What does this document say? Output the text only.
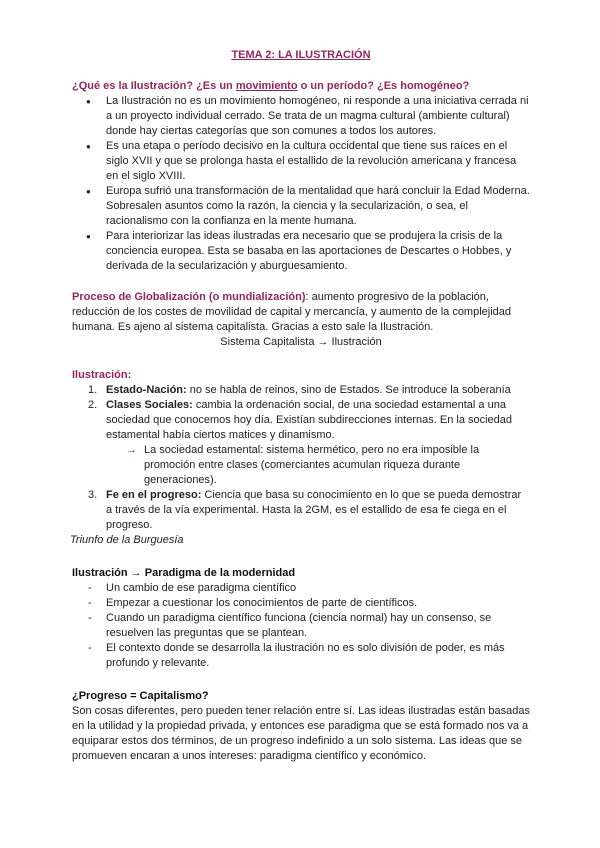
TEMA 2: LA ILUSTRACIÓN

¿Qué es la Ilustración? ¿Es un movimiento o un período? ¿Es homogéneo?

● La Ilustración no es un movimiento homogéneo, ni responde a una iniciativa cerrada ni a un proyecto individual cerrado. Se trata de un magma cultural (ambiente cultural) donde hay ciertas categorías que son comunes a todos los autores.
● Es una etapa o período decisivo en la cultura occidental que tiene sus raíces en el siglo XVII y que se prolonga hasta el estallido de la revolución americana y francesa en el siglo XVIII.
● Europa sufrió una transformación de la mentalidad que hará concluir la Edad Moderna. Sobresalen asuntos como la razón, la ciencia y la secularización, o sea, el racionalismo con la confianza en la mente humana.
● Para interiorizar las ideas ilustradas era necesario que se produjera la crisis de la conciencia europea. Esta se basaba en las aportaciones de Descartes o Hobbes, y derivada de la secularización y aburguesamiento.

Proceso de Globalización (o mundialización): aumento progresivo de la población, reducción de los costes de movilidad de capital y mercancía, y aumento de la complejidad humana. Es ajeno al sistema capitalista. Gracias a esto sale la Ilustración.

Sistema Capitalista → Ilustración

Ilustración:

1. Estado-Nación: no se habla de reinos, sino de Estados. Se introduce la soberanía
2. Clases Sociales: cambia la ordenación social, de una sociedad estamental a una sociedad que conocemos hoy día. Existían subdirecciones internas. En la sociedad estamental había ciertos matices y dinamismo.
→ La sociedad estamental: sistema hermético, pero no era imposible la promoción entre clases (comerciantes acumulan riqueza durante generaciones).
3. Fe en el progreso: Ciencia que basa su conocimiento en lo que se pueda demostrar a través de la vía experimental. Hasta la 2GM, es el estallido de esa fe ciega en el progreso.

Triunfo de la Burguesía

Ilustración → Paradigma de la modernidad

- Un cambio de ese paradigma científico
- Empezar a cuestionar los conocimientos de parte de científicos.
- Cuando un paradigma científico funciona (ciencia normal) hay un consenso, se resuelven las preguntas que se plantean.
- El contexto donde se desarrolla la ilustración no es solo división de poder, es más profundo y relevante.

¿Progreso = Capitalismo?

Son cosas diferentes, pero pueden tener relación entre sí. Las ideas ilustradas están basadas en la utilidad y la propiedad privada, y entonces ese paradigma que se está formado nos va a equiparar estos dos términos, de un progreso indefinido a un solo sistema. Las ideas que se promueven encaran a unos intereses: paradigma científico y económico.
